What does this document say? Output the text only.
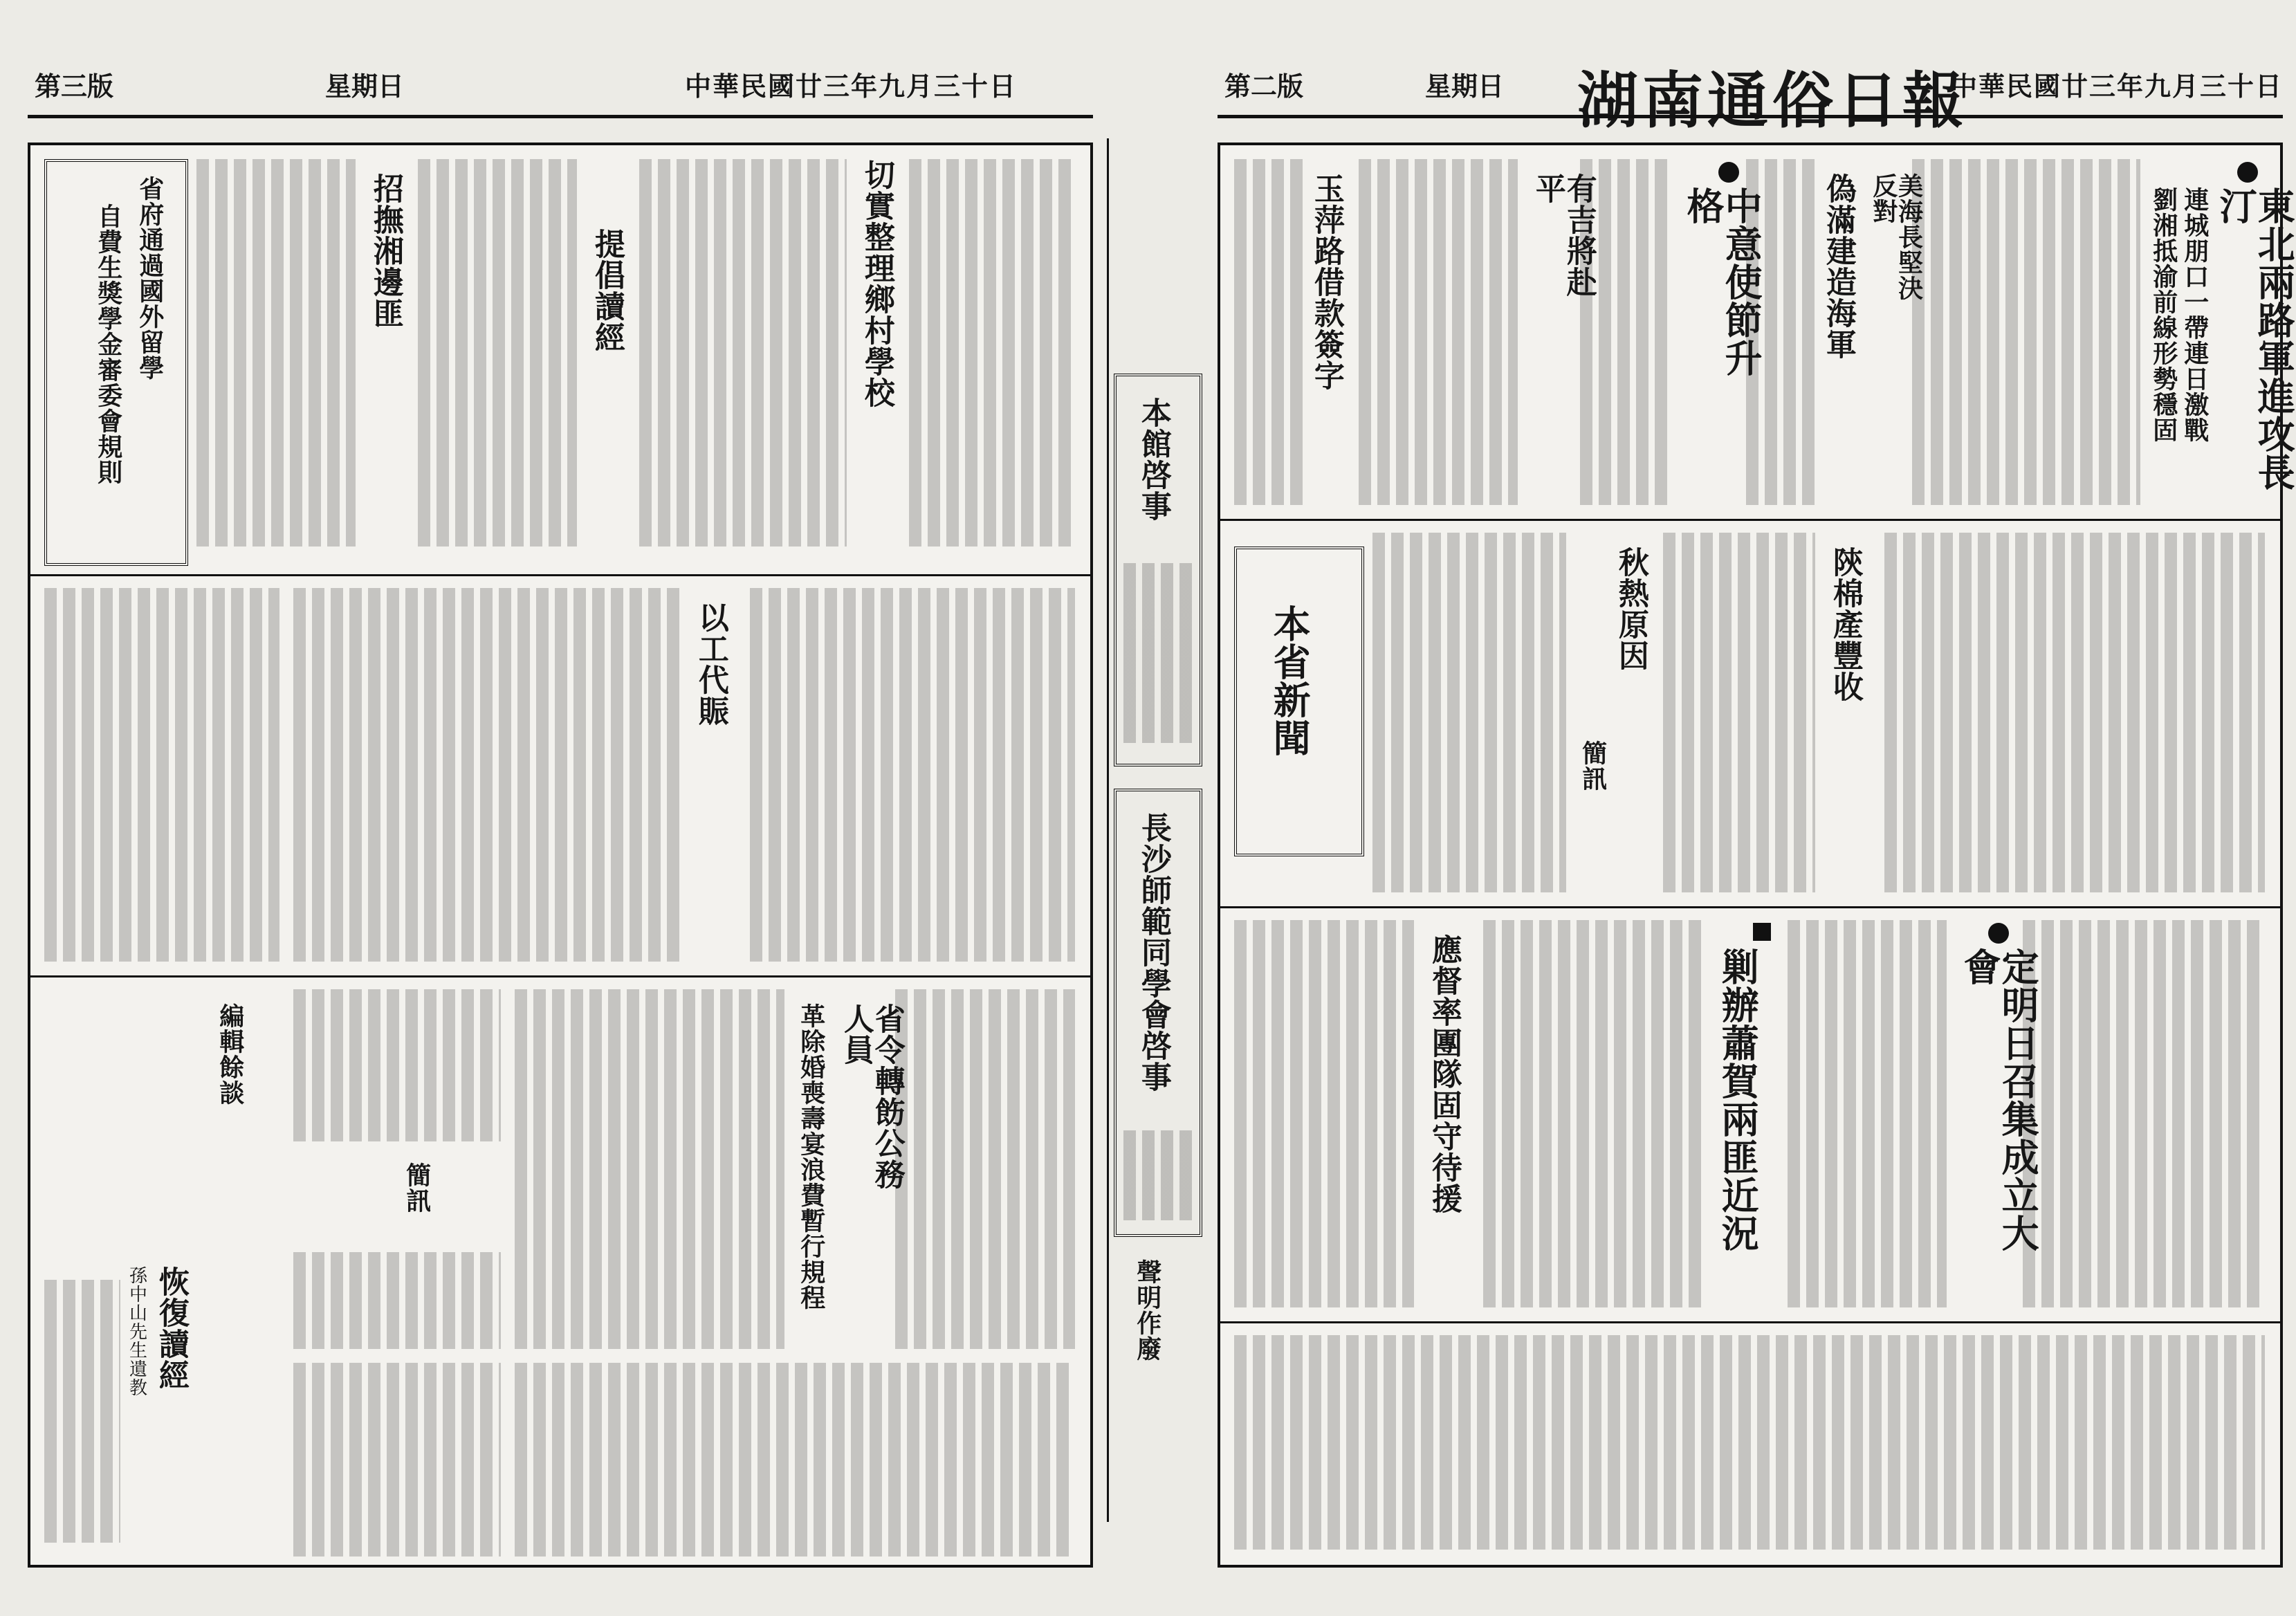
第三版	星期日	中華民國廿三年九月三十日
切實整理鄉村學校
提倡讀經
招撫湘邊匪
省府通過國外留學
自費生獎學金審委會規則
以工代賑
省令轉飭公務人員
革除婚喪壽宴浪費暫行規程
簡訊
編輯餘談
恢復讀經
孫中山先生遺教
第二版	星期日 湖南通俗日報
中華民國廿三年九月三十日
東北兩路軍進攻長汀
連城朋口一帶連日激戰
劉湘抵渝前線形勢穩固
美海長堅決反對
偽滿建造海軍
中意使節升格
有吉將赴平
玉萍路借款簽字
陝棉產豐收
秋熱原因
簡訊
本省新聞
定明日召集成立大會
剿辦蕭賀兩匪近況
應督率團隊固守待援
本館啓事
長沙師範同學會啓事
聲明作廢
